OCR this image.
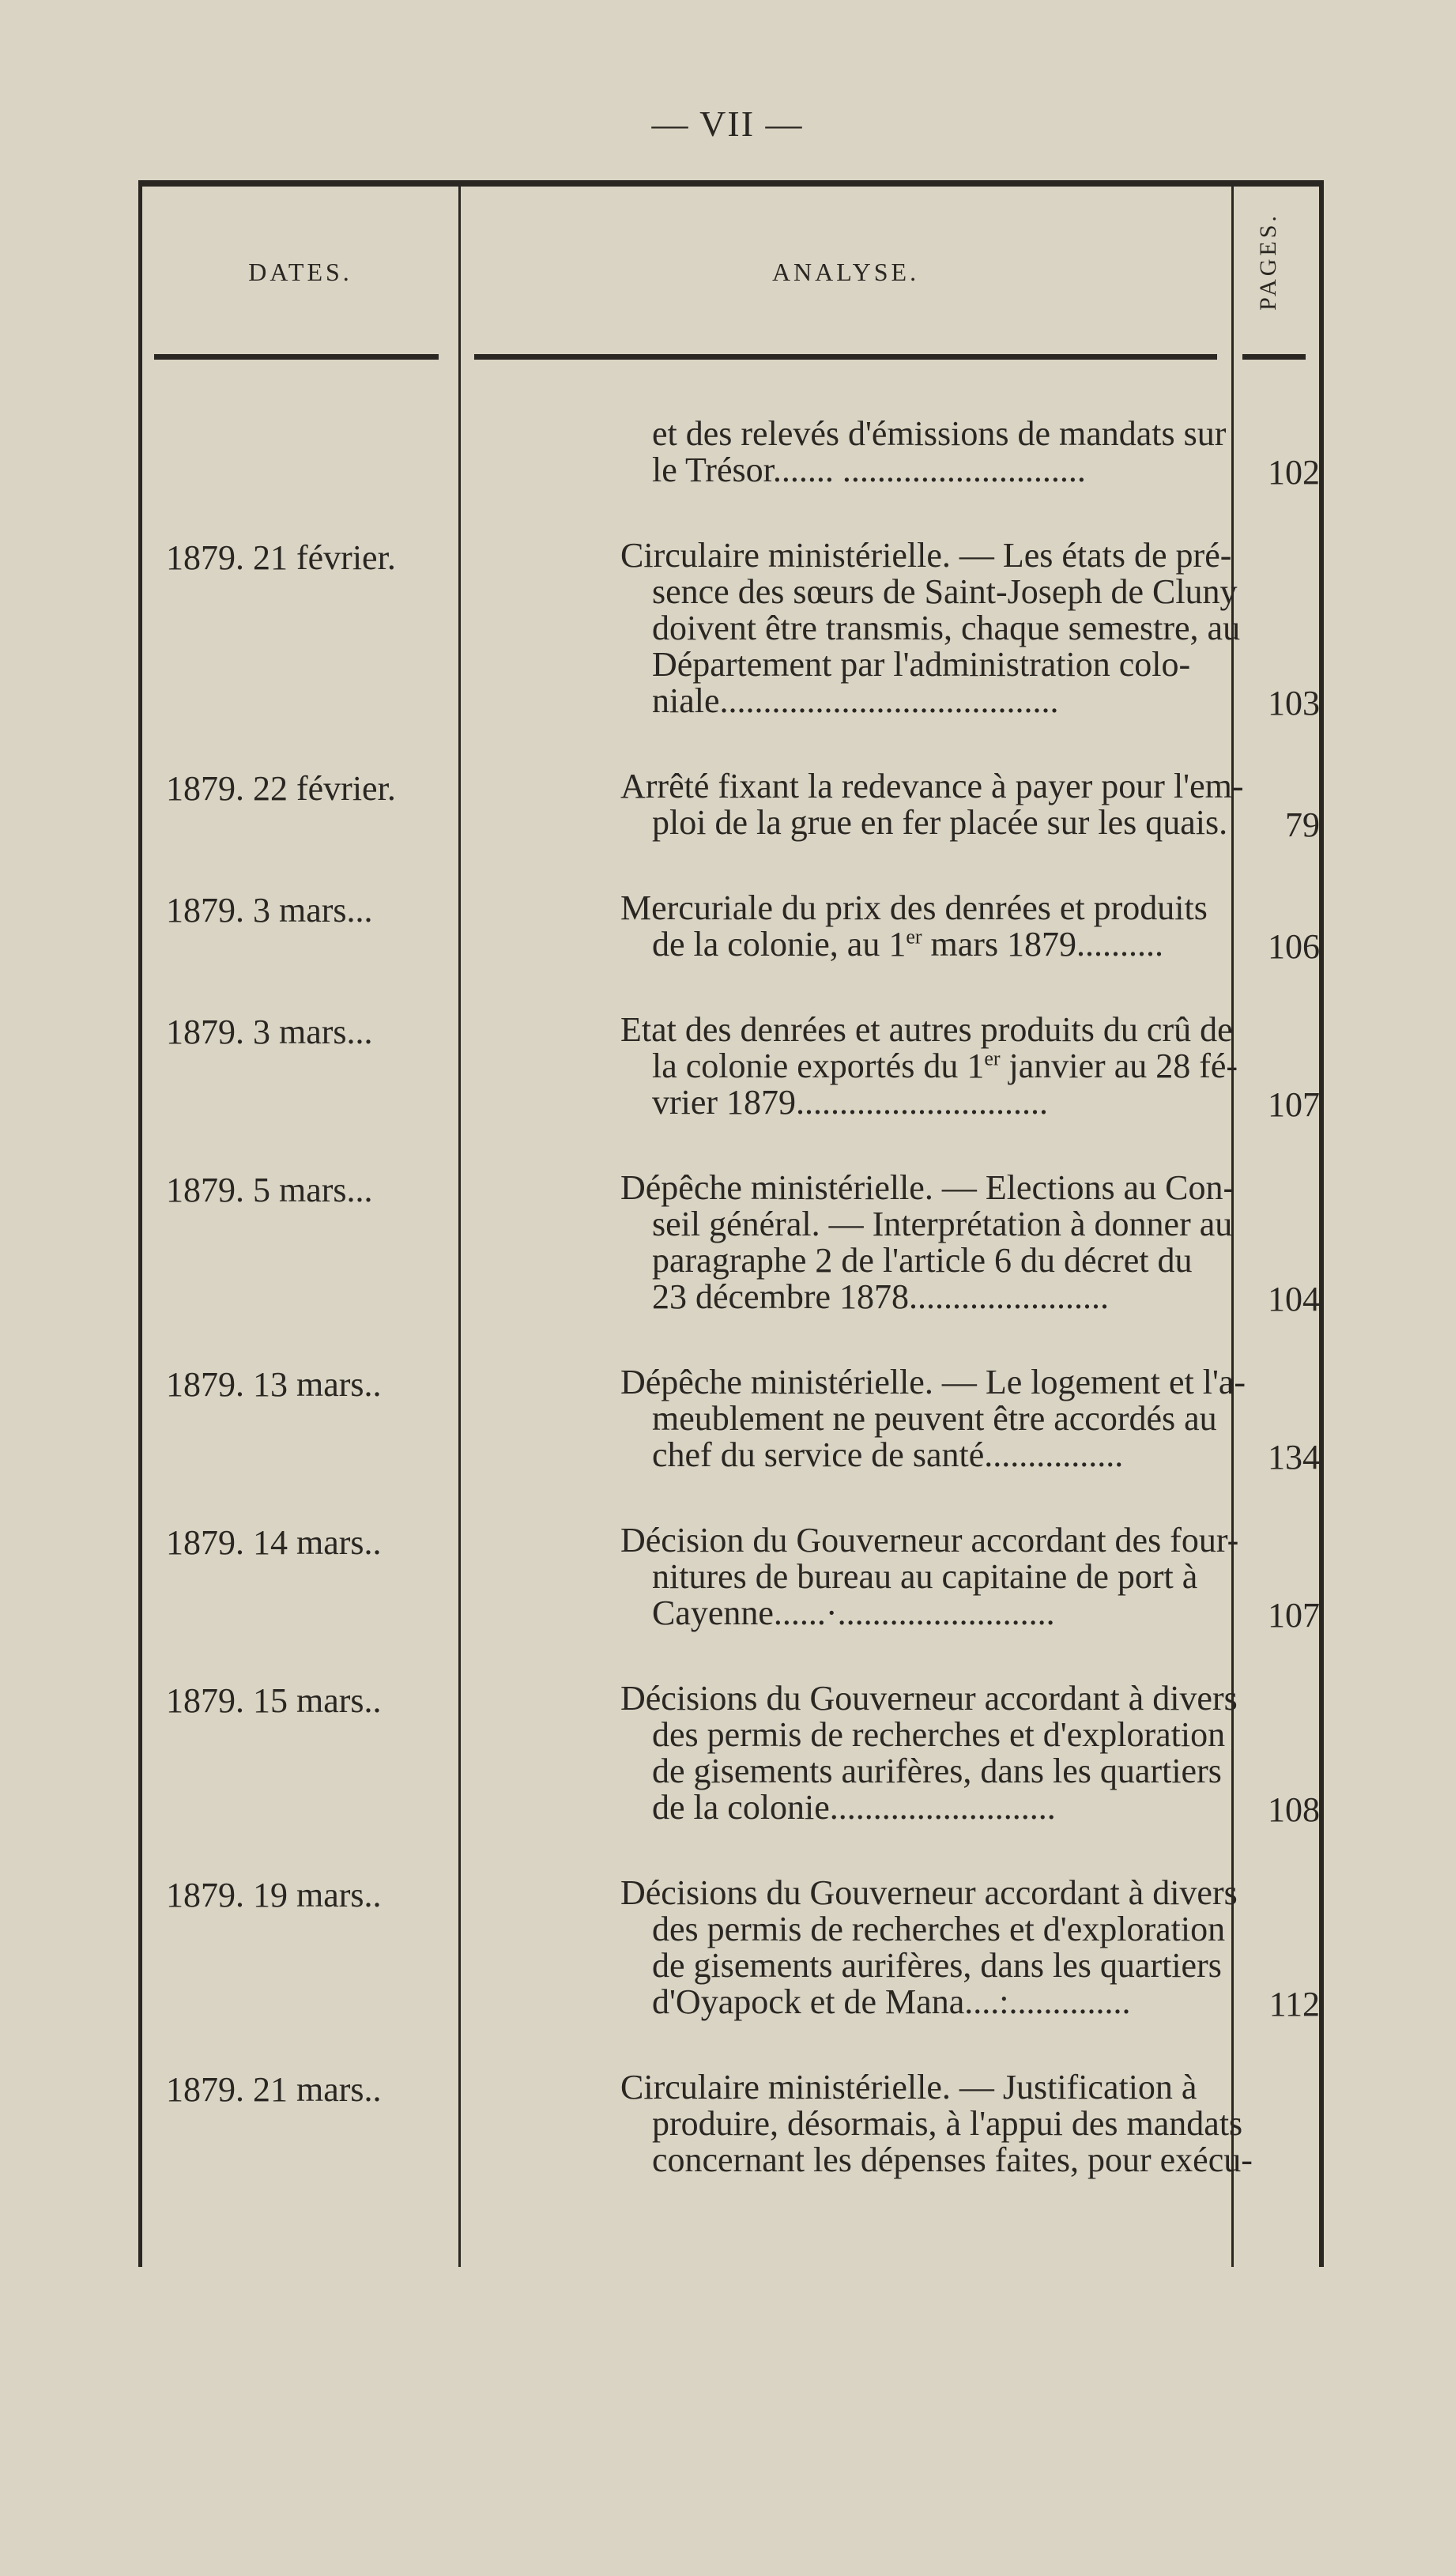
— VII —
DATES.	ANALYSE.	PAGES.

et des relevés d'émissions de mandats sur

le Trésor....... ............................	102
1879. 21 février.	Circulaire ministérielle. — Les états de pré-

sence des sœurs de Saint-Joseph de Cluny

doivent être transmis, chaque semestre, au

Département par l'administration colo-

niale.......................................	103
1879. 22 février.	Arrêté fixant la redevance à payer pour l'em-

ploi de la grue en fer placée sur les quais.	79
1879. 3 mars...	Mercuriale du prix des denrées et produits

de la colonie, au 1er mars 1879..........	106
1879. 3 mars...	Etat des denrées et autres produits du crû de

la colonie exportés du 1er janvier au 28 fé-

vrier 1879.............................	107
1879. 5 mars...	Dépêche ministérielle. — Elections au Con-

seil général. — Interprétation à donner au

paragraphe 2 de l'article 6 du décret du

23 décembre 1878.......................	104
1879. 13 mars..	Dépêche ministérielle. — Le logement et l'a-

meublement ne peuvent être accordés au

chef du service de santé................	134
1879. 14 mars..	Décision du Gouverneur accordant des four-

nitures de bureau au capitaine de port à

Cayenne......·.........................	107
1879. 15 mars..	Décisions du Gouverneur accordant à divers

des permis de recherches et d'exploration

de gisements aurifères, dans les quartiers

de la colonie..........................	108
1879. 19 mars..	Décisions du Gouverneur accordant à divers

des permis de recherches et d'exploration

de gisements aurifères, dans les quartiers

d'Oyapock et de Mana....:..............	112
1879. 21 mars..	Circulaire ministérielle. — Justification à

produire, désormais, à l'appui des mandats

concernant les dépenses faites, pour exécu-
